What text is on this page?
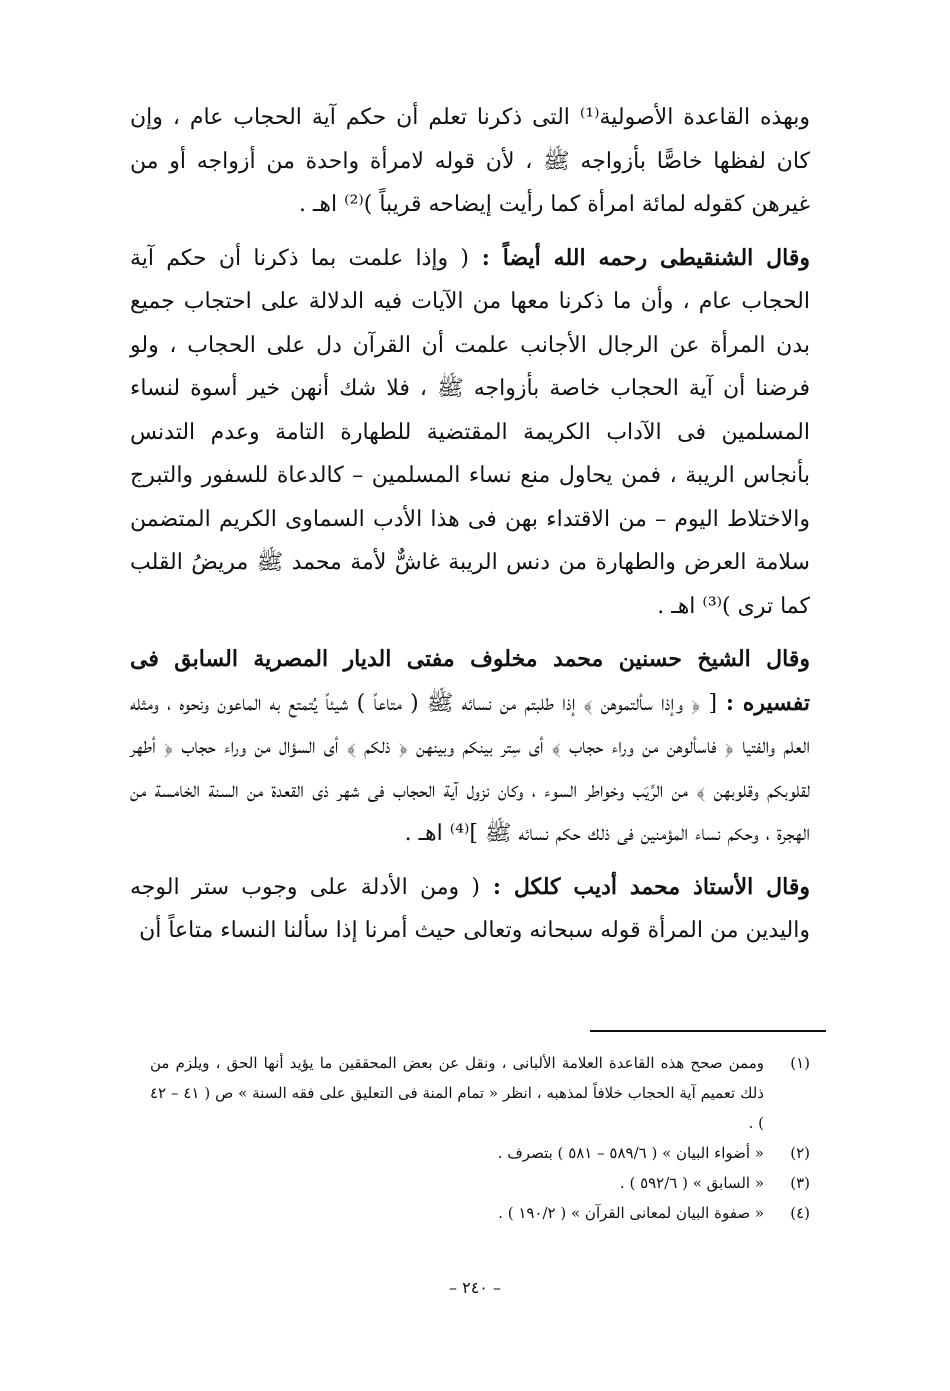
وبهذه القاعدة الأصولية⁽¹⁾ التى ذكرنا تعلم أن حكم آية الحجاب عام ، وإن كان لفظها خاصًّا بأزواجه ﷺ ، لأن قوله لامرأة واحدة من أزواجه أو من غيرهن كقوله لمائة امرأة كما رأيت إيضاحه قريباً )⁽²⁾ اهـ .

وقال الشنقيطى رحمه الله أيضاً : ( وإذا علمت بما ذكرنا أن حكم آية الحجاب عام ، وأن ما ذكرنا معها من الآيات فيه الدلالة على احتجاب جميع بدن المرأة عن الرجال الأجانب علمت أن القرآن دل على الحجاب ، ولو فرضنا أن آية الحجاب خاصة بأزواجه ﷺ ، فلا شك أنهن خير أسوة لنساء المسلمين فى الآداب الكريمة المقتضية للطهارة التامة وعدم التدنس بأنجاس الريبة ، فمن يحاول منع نساء المسلمين – كالدعاة للسفور والتبرج والاختلاط اليوم – من الاقتداء بهن فى هذا الأدب السماوى الكريم المتضمن سلامة العرض والطهارة من دنس الريبة غاشٌّ لأمة محمد ﷺ مريضُ القلب كما ترى )⁽³⁾ اهـ .

وقال الشيخ حسنين محمد مخلوف مفتى الديار المصرية السابق فى تفسيره : [ ﴿ وإذا سألتموهن ﴾ إذا طلبتم من نسائه ﷺ ( متاعاً ) شيئاً يُتمتع به الماعون ونحوه ، ومثله العلم والفتيا ﴿ فاسألوهن من وراء حجاب ﴾ أى سِتر بينكم وبينهن ﴿ ذلكم ﴾ أى السؤال من وراء حجاب ﴿ أطهر لقلوبكم وقلوبهن ﴾ من الرِّيَب وخواطر السوء ، وكان نزول آية الحجاب فى شهر ذى القعدة من السنة الخامسة من الهجرة ، وحكم نساء المؤمنين فى ذلك حكم نسائه ﷺ ]⁽⁴⁾ اهـ .

وقال الأستاذ محمد أديب كلكل : ( ومن الأدلة على وجوب ستر الوجه واليدين من المرأة قوله سبحانه وتعالى حيث أمرنا إذا سألنا النساء متاعاً أن

(١)
وممن صحح هذه القاعدة العلامة الألبانى ، ونقل عن بعض المحققين ما يؤيد أنها الحق ، ويلزم من ذلك تعميم آية الحجاب خلافاً لمذهبه ، انظر « تمام المنة فى التعليق على فقه السنة » ص ( ٤١ – ٤٢ ) .
(٢)
« أضواء البيان » ( ٥٨٩/٦ – ٥٨١ ) بتصرف .
(٣)
« السابق » ( ٥٩٢/٦ ) .
(٤)
« صفوة البيان لمعانى القرآن » ( ١٩٠/٢ ) .
– ٢٤٠ –
